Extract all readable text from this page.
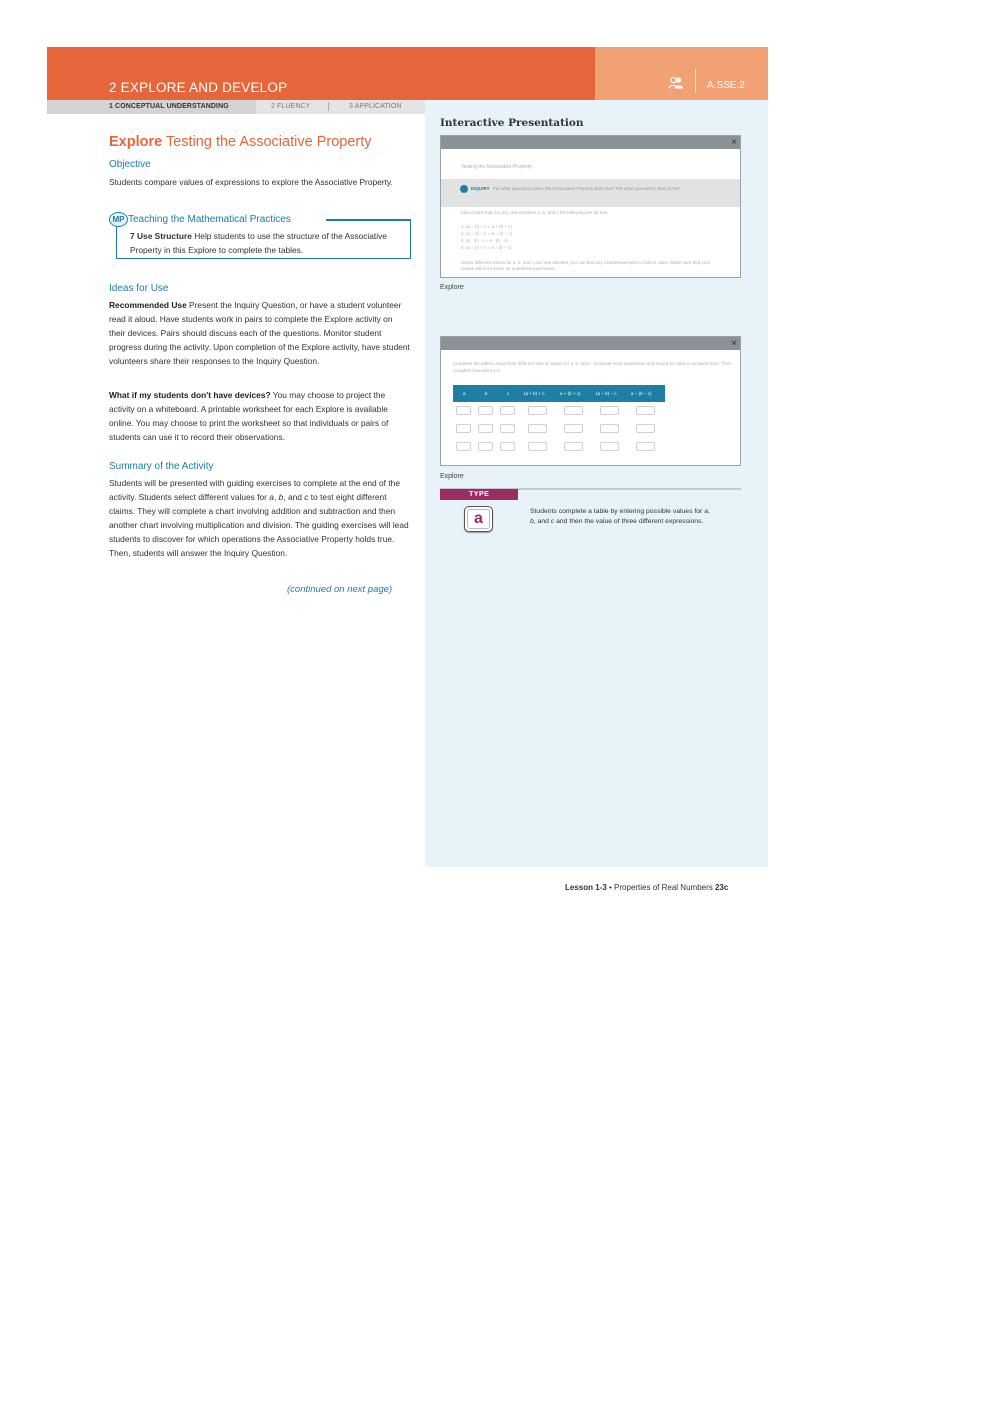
2 EXPLORE AND DEVELOP	A.SSE.2
1 CONCEPTUAL UNDERSTANDING	2 FLUENCY	3 APPLICATION
Explore Testing the Associative Property
Objective
Students compare values of expressions to explore the Associative Property.
MP Teaching the Mathematical Practices
7 Use Structure Help students to use the structure of the Associative Property in this Explore to complete the tables.
Ideas for Use
Recommended Use Present the Inquiry Question, or have a student volunteer read it aloud. Have students work in pairs to complete the Explore activity on their devices. Pairs should discuss each of the questions. Monitor student progress during the activity. Upon completion of the Explore activity, have student volunteers share their responses to the Inquiry Question.
What if my students don't have devices? You may choose to project the activity on a whiteboard. A printable worksheet for each Explore is available online. You may choose to print the worksheet so that individuals or pairs of students can use it to record their observations.
Summary of the Activity
Students will be presented with guiding exercises to complete at the end of the activity. Students select different values for a, b, and c to test eight different claims. They will complete a chart involving addition and subtraction and then another chart involving multiplication and division. The guiding exercises will lead students to discover for which operations the Associative Property holds true. Then, students will answer the Inquiry Question.
(continued on next page)
Interactive Presentation
×
Testing the Associative Property
INQUIRY For what operations does the Associative Property hold true? For what operations does it not?
Kiko claims that, for any real numbers a, b, and c the following are all true.
1. (a − b) + c = a + (b + c)
2. (a − b) − c = a − (b − c)
3. (a · b) · c = a · (b · c)
4. (a ÷ b) ÷ c = a ÷ (b ÷ c)
Select different values for a, b, and c and see whether you can find any counterexamples to Kiko's claim. Make sure that your values will not involve an undefined expression.
Explore
×
Complete the tables using three different sets of values for a, b, and c. Evaluate each expression and record its value in simplest form. Then complete Exercises 1-2.
a	b	c	(a + b) + c	a + (b + c)	(a − b) − c	a − (b − c)
Explore
TYPE
a	Students complete a table by entering possible values for a, b, and c and then the value of three different expressions.
Lesson 1-3 • Properties of Real Numbers 23c
